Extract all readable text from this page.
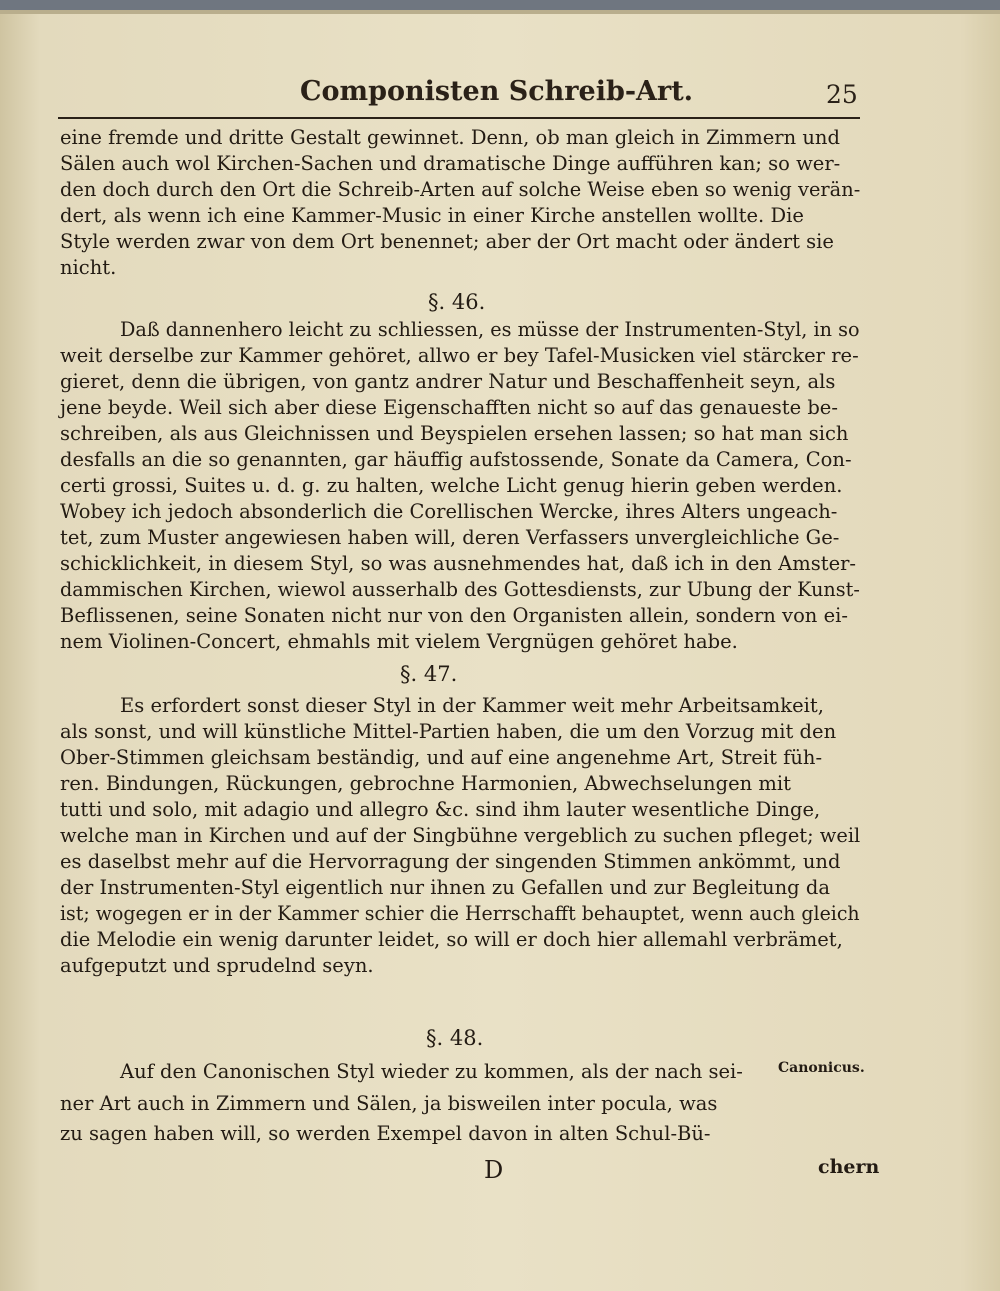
Componisten Schreib-Art.	25
eine fremde und dritte Gestalt gewinnet. Denn, ob man gleich in Zimmern und
Sälen auch wol Kirchen-Sachen und dramatische Dinge aufführen kan; so wer-
den doch durch den Ort die Schreib-Arten auf solche Weise eben so wenig verän-
dert, als wenn ich eine Kammer-Music in einer Kirche anstellen wollte. Die
Style werden zwar von dem Ort benennet; aber der Ort macht oder ändert sie
nicht.
§. 46.
Daß dannenhero leicht zu schliessen, es müsse der Instrumenten-Styl, in so
weit derselbe zur Kammer gehöret, allwo er bey Tafel-Musicken viel stärcker re-
gieret, denn die übrigen, von gantz andrer Natur und Beschaffenheit seyn, als
jene beyde. Weil sich aber diese Eigenschafften nicht so auf das genaueste be-
schreiben, als aus Gleichnissen und Beyspielen ersehen lassen; so hat man sich
desfalls an die so genannten, gar häuffig aufstossende, Sonate da Camera, Con-
certi grossi, Suites u. d. g. zu halten, welche Licht genug hierin geben werden.
Wobey ich jedoch absonderlich die Corellischen Wercke, ihres Alters ungeach-
tet, zum Muster angewiesen haben will, deren Verfassers unvergleichliche Ge-
schicklichkeit, in diesem Styl, so was ausnehmendes hat, daß ich in den Amster-
dammischen Kirchen, wiewol ausserhalb des Gottesdiensts, zur Ubung der Kunst-
Beflissenen, seine Sonaten nicht nur von den Organisten allein, sondern von ei-
nem Violinen-Concert, ehmahls mit vielem Vergnügen gehöret habe.
§. 47.
Es erfordert sonst dieser Styl in der Kammer weit mehr Arbeitsamkeit,
als sonst, und will künstliche Mittel-Partien haben, die um den Vorzug mit den
Ober-Stimmen gleichsam beständig, und auf eine angenehme Art, Streit füh-
ren. Bindungen, Rückungen, gebrochne Harmonien, Abwechselungen mit
tutti und solo, mit adagio und allegro &c. sind ihm lauter wesentliche Dinge,
welche man in Kirchen und auf der Singbühne vergeblich zu suchen pfleget; weil
es daselbst mehr auf die Hervorragung der singenden Stimmen ankömmt, und
der Instrumenten-Styl eigentlich nur ihnen zu Gefallen und zur Begleitung da
ist; wogegen er in der Kammer schier die Herrschafft behauptet, wenn auch gleich
die Melodie ein wenig darunter leidet, so will er doch hier allemahl verbrämet,
aufgeputzt und sprudelnd seyn.
§. 48.
Auf den Canonischen Styl wieder zu kommen, als der nach sei-
ner Art auch in Zimmern und Sälen, ja bisweilen inter pocula, was
zu sagen haben will, so werden Exempel davon in alten Schul-Bü-
Canonicus.
D	chern
